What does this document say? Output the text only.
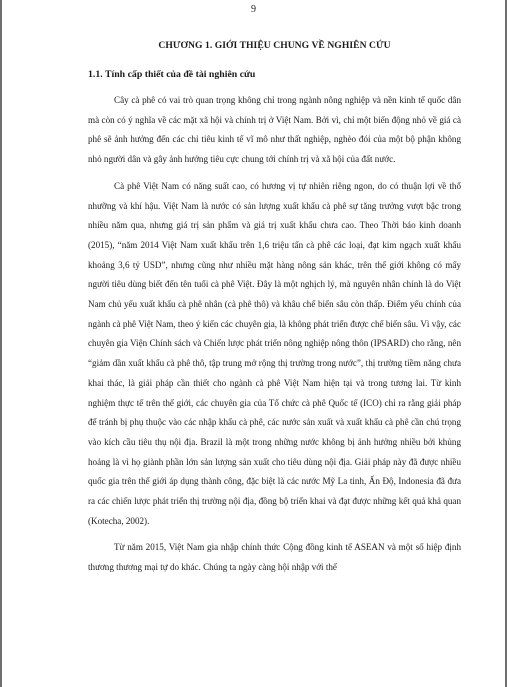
9
CHƯƠNG 1. GIỚI THIỆU CHUNG VỀ NGHIÊN CỨU
1.1. Tính cấp thiết của đề tài nghiên cứu

Cây cà phê có vai trò quan trọng không chỉ trong ngành nông nghiệp và nền kinh tế quốc dân mà còn có ý nghĩa về các mặt xã hội và chính trị ở Việt Nam. Bởi vì, chỉ một biến động nhỏ về giá cà phê sẽ ảnh hưởng đến các chỉ tiêu kinh tế vĩ mô như thất nghiệp, nghèo đói của một bộ phận không nhỏ người dân và gây ảnh hưởng tiêu cực chung tới chính trị và xã hội của đất nước.

Cà phê Việt Nam có năng suất cao, có hương vị tự nhiên riêng ngon, do có thuận lợi về thổ nhưỡng và khí hậu. Việt Nam là nước có sản lượng xuất khẩu cà phê sự tăng trưởng vượt bậc trong nhiều năm qua, nhưng giá trị sản phẩm và giá trị xuất khẩu chưa cao. Theo Thời báo kinh doanh (2015), “năm 2014 Việt Nam xuất khẩu trên 1,6 triệu tấn cà phê các loại, đạt kim ngạch xuất khẩu khoảng 3,6 tỷ USD”, nhưng cũng như nhiều mặt hàng nông sản khác, trên thế giới không có mấy người tiêu dùng biết đến tên tuổi cà phê Việt. Đây là một nghịch lý, mà nguyên nhân chính là do Việt Nam chủ yếu xuất khẩu cà phê nhân (cà phê thô) và khâu chế biến sâu còn thấp. Điểm yếu chính của ngành cà phê Việt Nam, theo ý kiến các chuyên gia, là không phát triển được chế biến sâu. Vì vậy, các chuyên gia Viện Chính sách và Chiến lược phát triển nông nghiệp nông thôn (IPSARD) cho rằng, nên “giảm dần xuất khẩu cà phê thô, tập trung mở rộng thị trường trong nước”, thị trường tiềm năng chưa khai thác, là giải pháp cần thiết cho ngành cà phê Việt Nam hiện tại và trong tương lai. Từ kinh nghiệm thực tế trên thế giới, các chuyên gia của Tổ chức cà phê Quốc tế (ICO) chỉ ra rằng giải pháp để tránh bị phụ thuộc vào các nhập khẩu cà phê, các nước sản xuất và xuất khẩu cà phê cần chú trọng vào kích cầu tiêu thụ nội địa. Brazil là một trong những nước không bị ảnh hưởng nhiều bởi khủng hoảng là vì họ giành phần lớn sản lượng sản xuất cho tiêu dùng nội địa. Giải pháp này đã được nhiều quốc gia trên thế giới áp dụng thành công, đặc biệt là các nước Mỹ La tinh, Ấn Độ, Indonesia đã đưa ra các chiến lược phát triển thị trường nội địa, đồng bộ triển khai và đạt được những kết quả khả quan (Kotecha, 2002).

Từ năm 2015, Việt Nam gia nhập chính thức Cộng đồng kinh tế ASEAN và một số hiệp định thương thương mại tự do khác. Chúng ta ngày càng hội nhập với thế
